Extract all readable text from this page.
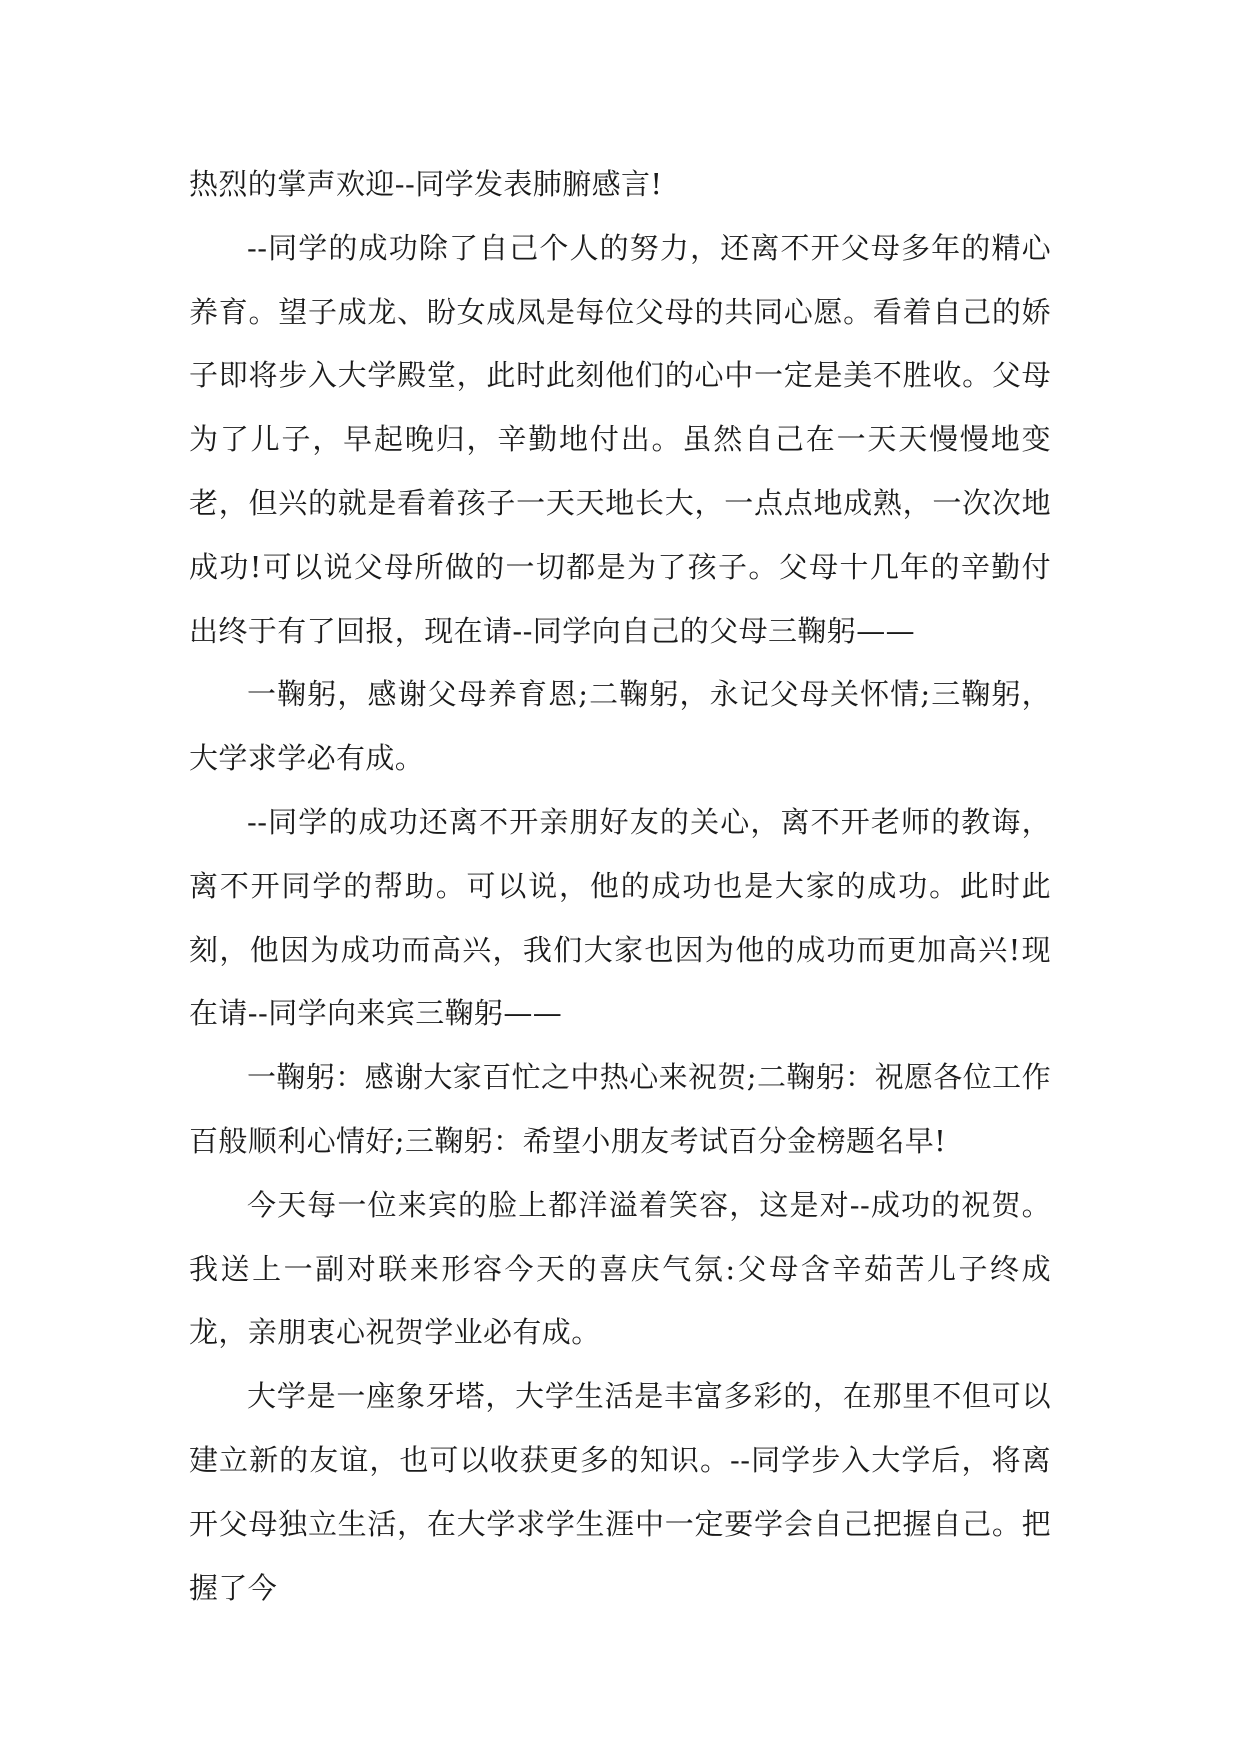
热烈的掌声欢迎--同学发表肺腑感言!

--同学的成功除了自己个人的努力，还离不开父母多年的精心养育。望子成龙、盼女成凤是每位父母的共同心愿。看着自己的娇子即将步入大学殿堂，此时此刻他们的心中一定是美不胜收。父母为了儿子，早起晚归，辛勤地付出。虽然自己在一天天慢慢地变老，但兴的就是看着孩子一天天地长大，一点点地成熟，一次次地成功!可以说父母所做的一切都是为了孩子。父母十几年的辛勤付出终于有了回报，现在请--同学向自己的父母三鞠躬——

一鞠躬，感谢父母养育恩;二鞠躬，永记父母关怀情;三鞠躬，大学求学必有成。

--同学的成功还离不开亲朋好友的关心，离不开老师的教诲，离不开同学的帮助。可以说，他的成功也是大家的成功。此时此刻，他因为成功而高兴，我们大家也因为他的成功而更加高兴!现在请--同学向来宾三鞠躬——

一鞠躬：感谢大家百忙之中热心来祝贺;二鞠躬：祝愿各位工作百般顺利心情好;三鞠躬：希望小朋友考试百分金榜题名早!

今天每一位来宾的脸上都洋溢着笑容，这是对--成功的祝贺。我送上一副对联来形容今天的喜庆气氛:父母含辛茹苦儿子终成龙，亲朋衷心祝贺学业必有成。

大学是一座象牙塔，大学生活是丰富多彩的，在那里不但可以建立新的友谊，也可以收获更多的知识。--同学步入大学后，将离开父母独立生活，在大学求学生涯中一定要学会自己把握自己。把握了今
